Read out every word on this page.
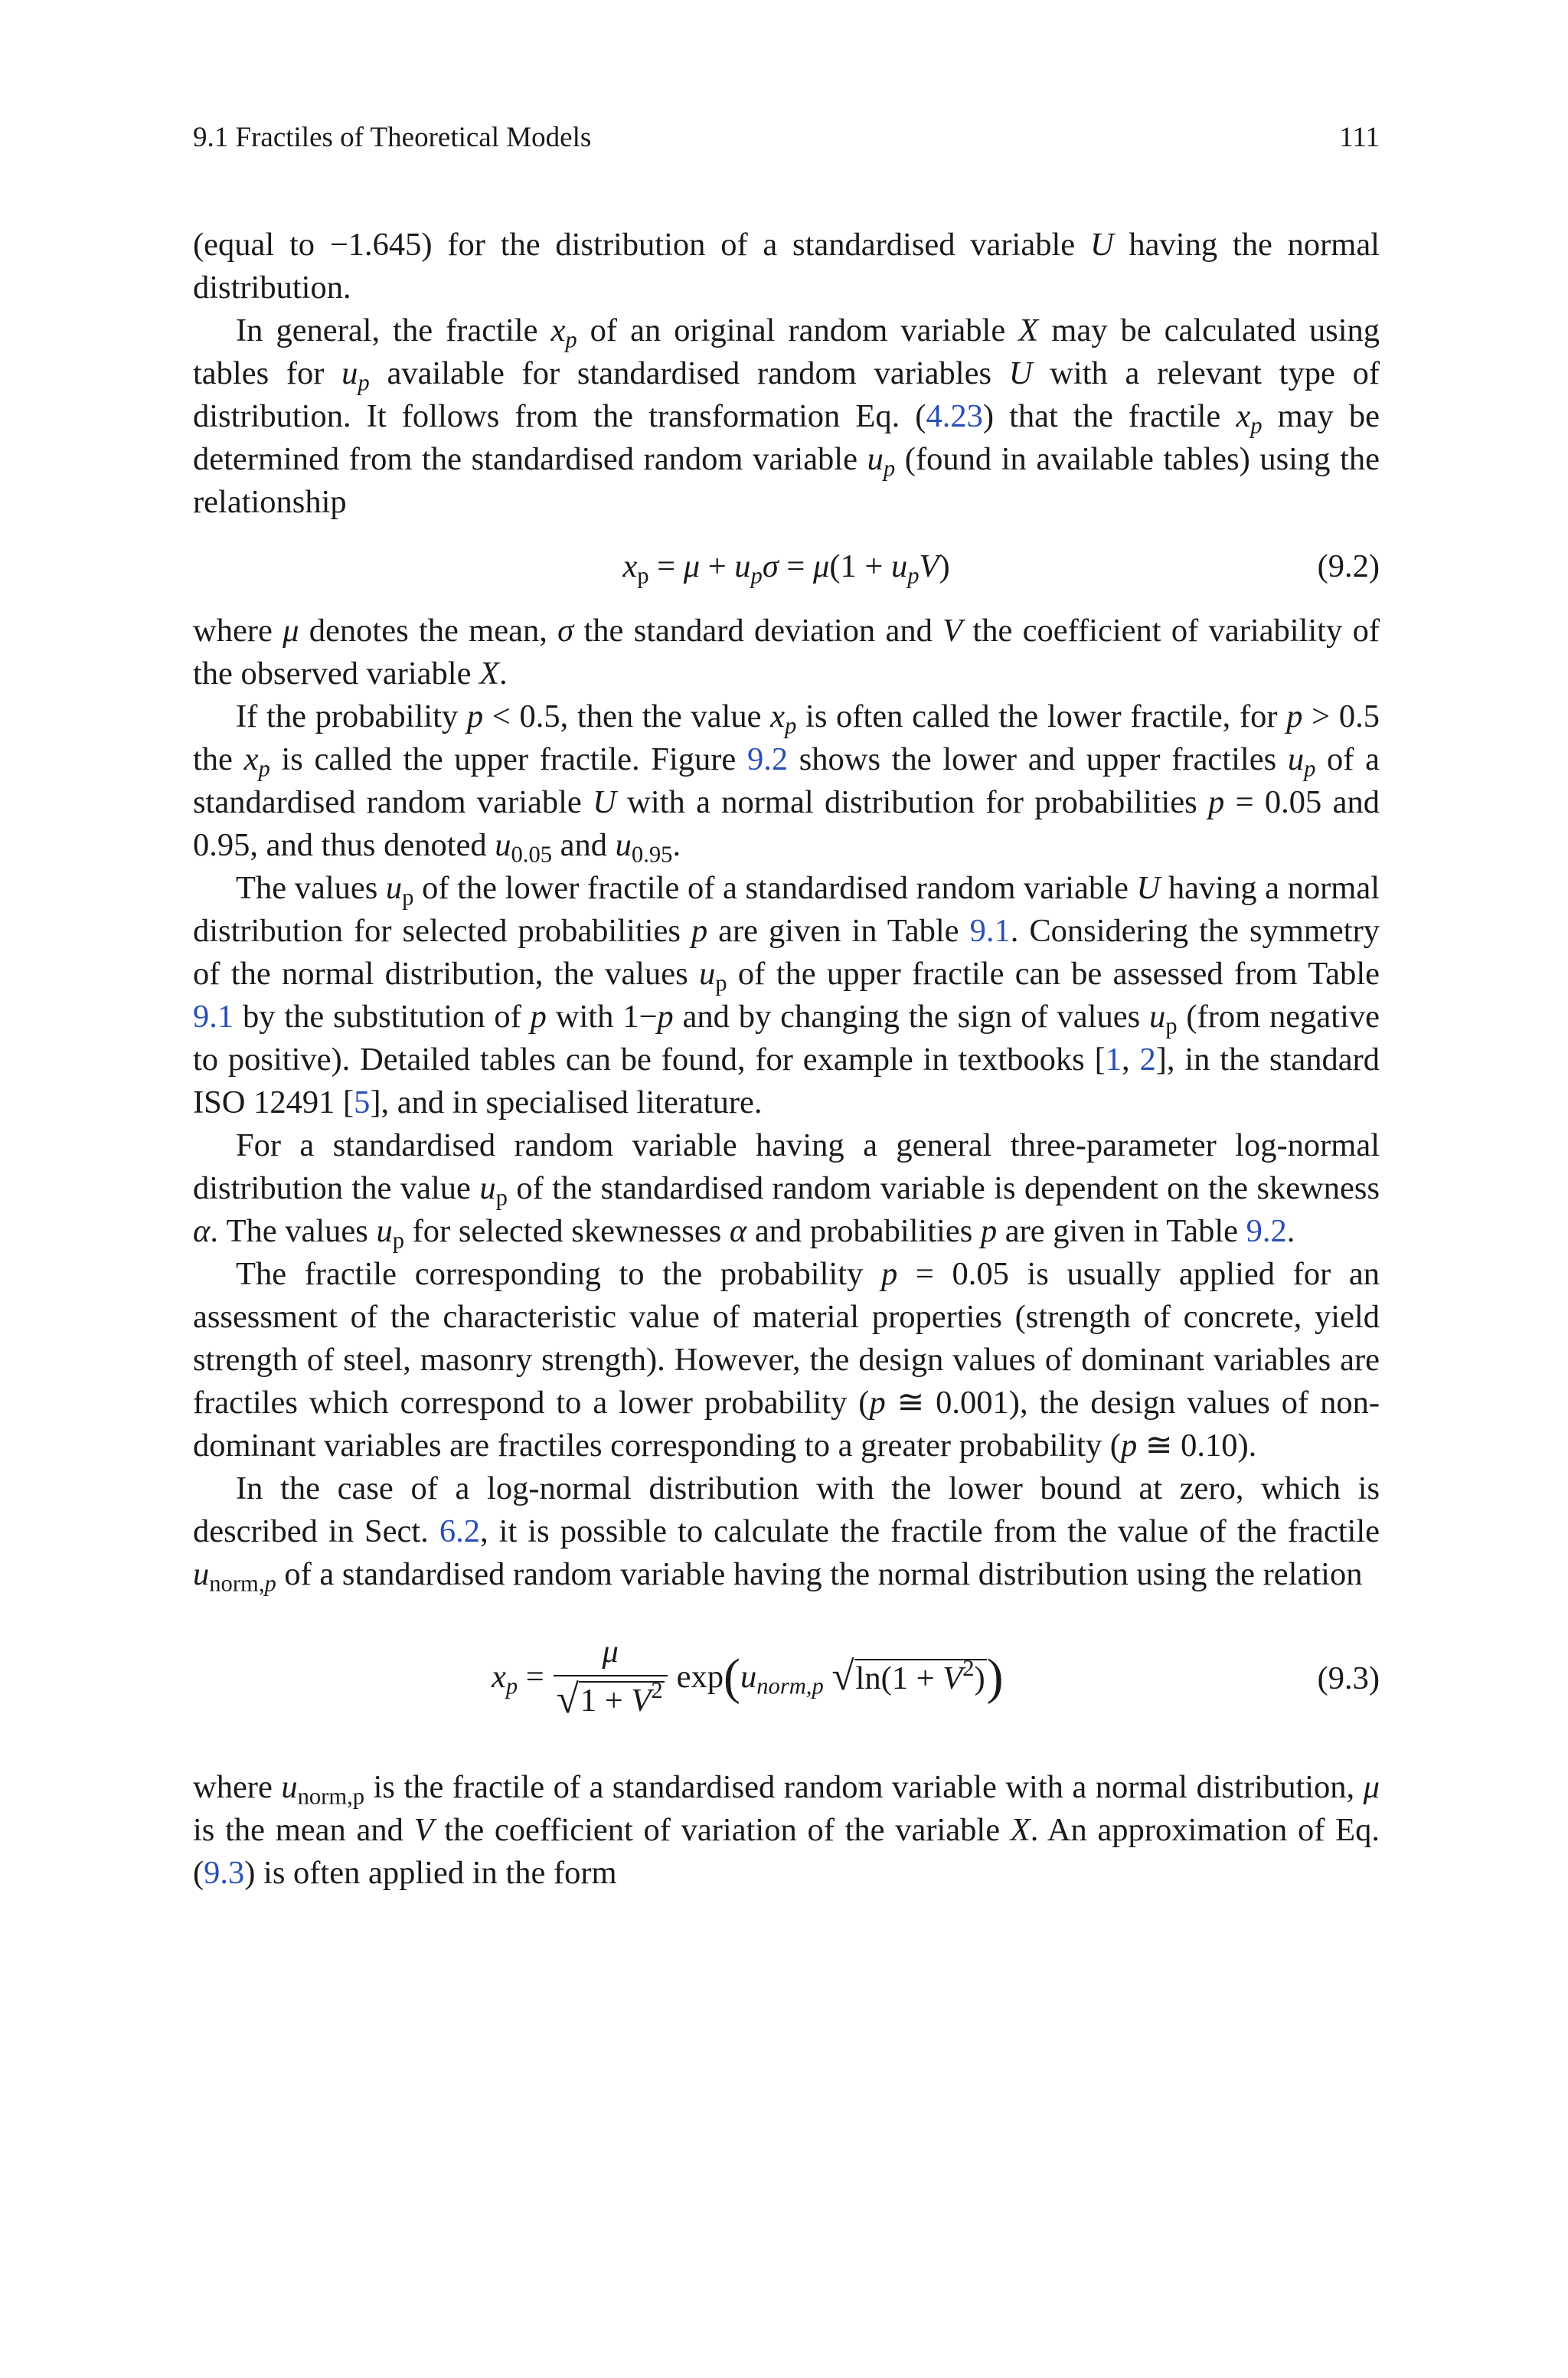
9.1 Fractiles of Theoretical Models	111

(equal to −1.645) for the distribution of a standardised variable U having the normal distribution.

In general, the fractile $x_p$ of an original random variable X may be calculated using tables for $u_p$ available for standardised random variables U with a relevant type of distribution. It follows from the transformation Eq. (4.23) that the fractile $x_p$ may be determined from the standardised random variable $u_p$ (found in available tables) using the relationship

$x_p = \mu + u_p\sigma = \mu(1 + u_pV)$	(9.2)

where μ denotes the mean, σ the standard deviation and V the coefficient of variability of the observed variable X.

If the probability p < 0.5, then the value $x_p$ is often called the lower fractile, for p > 0.5 the $x_p$ is called the upper fractile. Figure 9.2 shows the lower and upper fractiles $u_p$ of a standardised random variable U with a normal distribution for probabilities p = 0.05 and 0.95, and thus denoted $u_{0.05}$ and $u_{0.95}$.

The values $u_p$ of the lower fractile of a standardised random variable U having a normal distribution for selected probabilities p are given in Table 9.1. Considering the symmetry of the normal distribution, the values $u_p$ of the upper fractile can be assessed from Table 9.1 by the substitution of p with 1−p and by changing the sign of values $u_p$ (from negative to positive). Detailed tables can be found, for example in textbooks [1, 2], in the standard ISO 12491 [5], and in specialised literature.

For a standardised random variable having a general three-parameter log-normal distribution the value $u_p$ of the standardised random variable is dependent on the skewness α. The values $u_p$ for selected skewnesses α and probabilities p are given in Table 9.2.

The fractile corresponding to the probability p = 0.05 is usually applied for an assessment of the characteristic value of material properties (strength of concrete, yield strength of steel, masonry strength). However, the design values of dominant variables are fractiles which correspond to a lower probability (p ≅ 0.001), the design values of non-dominant variables are fractiles corresponding to a greater probability (p ≅ 0.10).

In the case of a log-normal distribution with the lower bound at zero, which is described in Sect. 6.2, it is possible to calculate the fractile from the value of the fractile $u_{norm,p}$ of a standardised random variable having the normal distribution using the relation

$x_p = \frac{\mu}{√ 1 + V^2}$ exp ( $u_{norm,p}$
√ $\ln(1 + V^2)$ )	(9.3)

where $u_{norm,p}$ is the fractile of a standardised random variable with a normal distribution, μ is the mean and V the coefficient of variation of the variable X. An approximation of Eq. (9.3) is often applied in the form
